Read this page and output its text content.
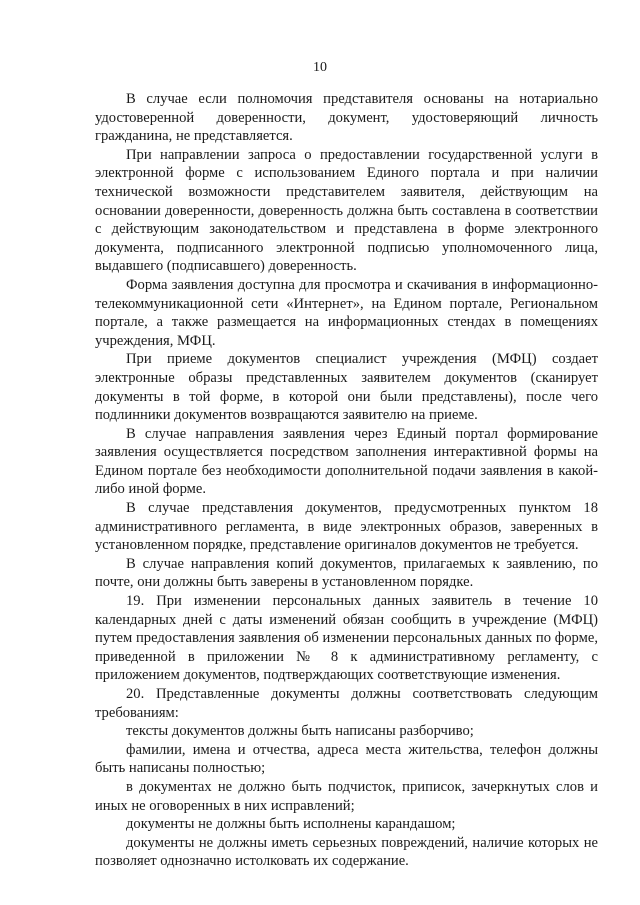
10

В случае если полномочия представителя основаны на нотариально удостоверенной доверенности, документ, удостоверяющий личность гражданина, не представляется.

При направлении запроса о предоставлении государственной услуги в электронной форме с использованием Единого портала и при наличии технической возможности представителем заявителя, действующим на основании доверенности, доверенность должна быть составлена в соответствии с действующим законодательством и представлена в форме электронного документа, подписанного электронной подписью уполномоченного лица, выдавшего (подписавшего) доверенность.

Форма заявления доступна для просмотра и скачивания в информационно-телекоммуникационной сети «Интернет», на Едином портале, Региональном портале, а также размещается на информационных стендах в помещениях учреждения, МФЦ.

При приеме документов специалист учреждения (МФЦ) создает электронные образы представленных заявителем документов (сканирует документы в той форме, в которой они были представлены), после чего подлинники документов возвращаются заявителю на приеме.

В случае направления заявления через Единый портал формирование заявления осуществляется посредством заполнения интерактивной формы на Едином портале без необходимости дополнительной подачи заявления в какой-либо иной форме.

В случае представления документов, предусмотренных пунктом 18 административного регламента, в виде электронных образов, заверенных в установленном порядке, представление оригиналов документов не требуется.

В случае направления копий документов, прилагаемых к заявлению, по почте, они должны быть заверены в установленном порядке.

19. При изменении персональных данных заявитель в течение 10 календарных дней с даты изменений обязан сообщить в учреждение (МФЦ) путем предоставления заявления об изменении персональных данных по форме, приведенной в приложении № 8 к административному регламенту, с приложением документов, подтверждающих соответствующие изменения.

20. Представленные документы должны соответствовать следующим требованиям:

тексты документов должны быть написаны разборчиво;

фамилии, имена и отчества, адреса места жительства, телефон должны быть написаны полностью;

в документах не должно быть подчисток, приписок, зачеркнутых слов и иных не оговоренных в них исправлений;

документы не должны быть исполнены карандашом;

документы не должны иметь серьезных повреждений, наличие которых не позволяет однозначно истолковать их содержание.
